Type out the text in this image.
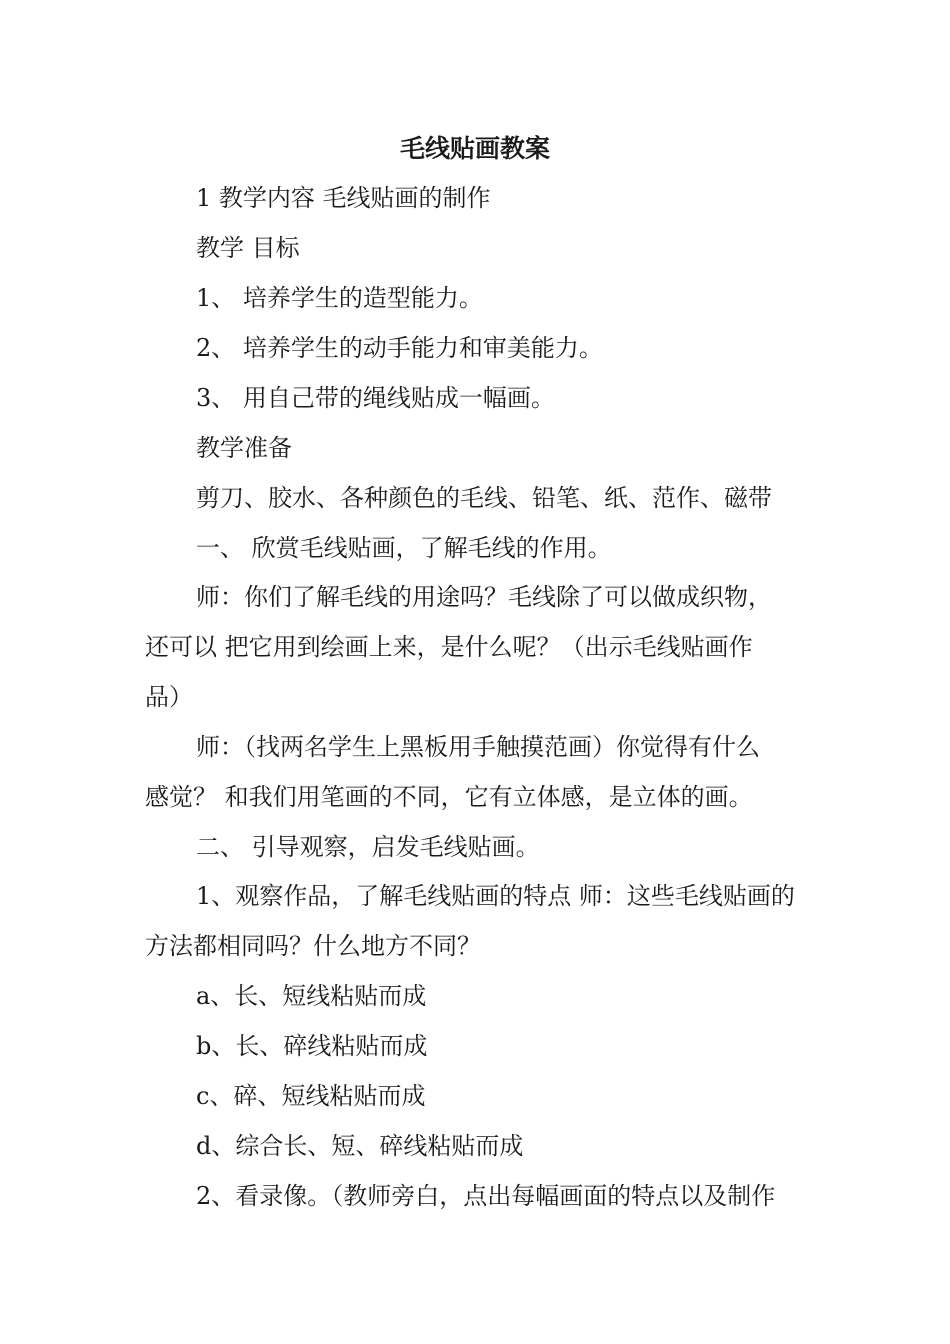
毛线贴画教案
1 教学内容 毛线贴画的制作
教学 目标
1、 培养学生的造型能力。
2、 培养学生的动手能力和审美能力。
3、 用自己带的绳线贴成一幅画。
教学准备
剪刀、胶水、各种颜色的毛线、铅笔、纸、范作、磁带
一、 欣赏毛线贴画，了解毛线的作用。
师：你们了解毛线的用途吗？毛线除了可以做成织物，
还可以 把它用到绘画上来，是什么呢？（出示毛线贴画作
品）
师：（找两名学生上黑板用手触摸范画）你觉得有什么
感觉？ 和我们用笔画的不同，它有立体感，是立体的画。
二、 引导观察，启发毛线贴画。
1、观察作品，了解毛线贴画的特点 师：这些毛线贴画的
方法都相同吗？什么地方不同？
a、长、短线粘贴而成
b、长、碎线粘贴而成
c、碎、短线粘贴而成
d、综合长、短、碎线粘贴而成
2、看录像。（教师旁白，点出每幅画面的特点以及制作
